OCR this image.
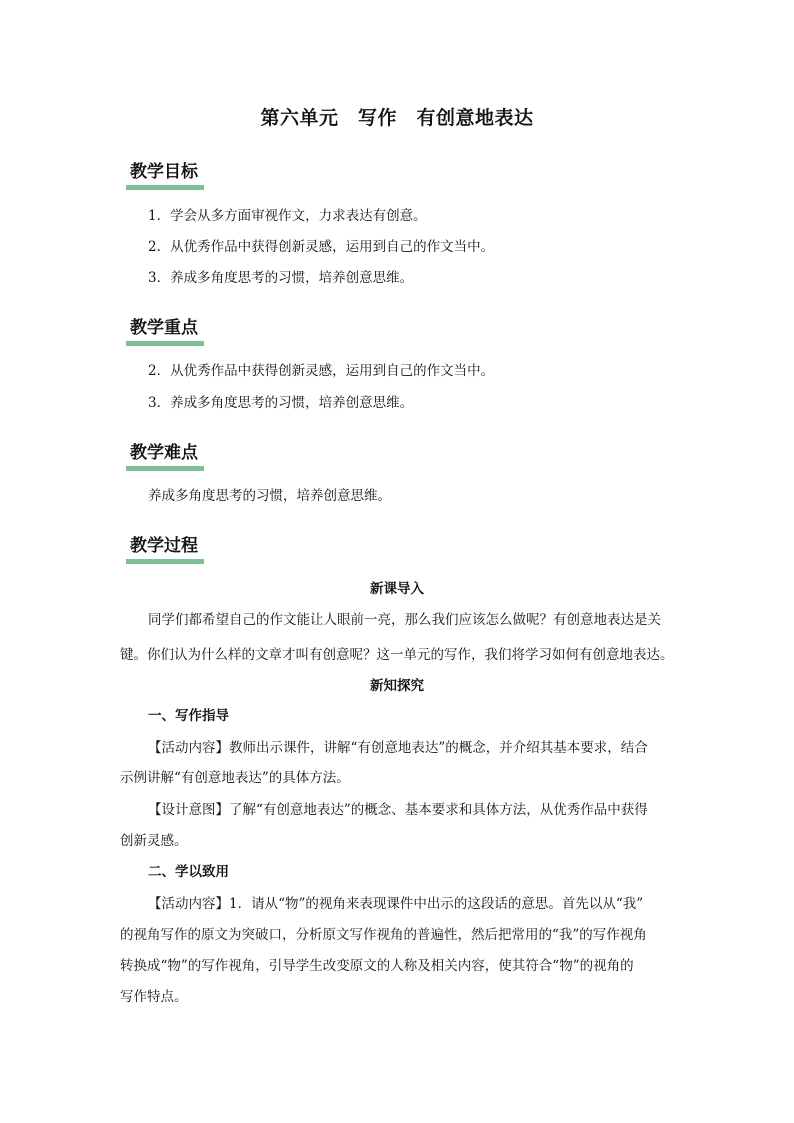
第六单元　写作　有创意地表达
教学目标
1．学会从多方面审视作文，力求表达有创意。
2．从优秀作品中获得创新灵感，运用到自己的作文当中。
3．养成多角度思考的习惯，培养创意思维。
教学重点
2．从优秀作品中获得创新灵感，运用到自己的作文当中。
3．养成多角度思考的习惯，培养创意思维。
教学难点
养成多角度思考的习惯，培养创意思维。
教学过程
新课导入
同学们都希望自己的作文能让人眼前一亮，那么我们应该怎么做呢？有创意地表达是关
键。你们认为什么样的文章才叫有创意呢？这一单元的写作，我们将学习如何有创意地表达。
新知探究
一、写作指导
【活动内容】教师出示课件，讲解“有创意地表达”的概念，并介绍其基本要求，结合
示例讲解“有创意地表达”的具体方法。
【设计意图】了解“有创意地表达”的概念、基本要求和具体方法，从优秀作品中获得
创新灵感。
二、学以致用
【活动内容】1．请从“物”的视角来表现课件中出示的这段话的意思。首先以从“我”
的视角写作的原文为突破口，分析原文写作视角的普遍性，然后把常用的“我”的写作视角
转换成“物”的写作视角，引导学生改变原文的人称及相关内容，使其符合“物”的视角的
写作特点。
